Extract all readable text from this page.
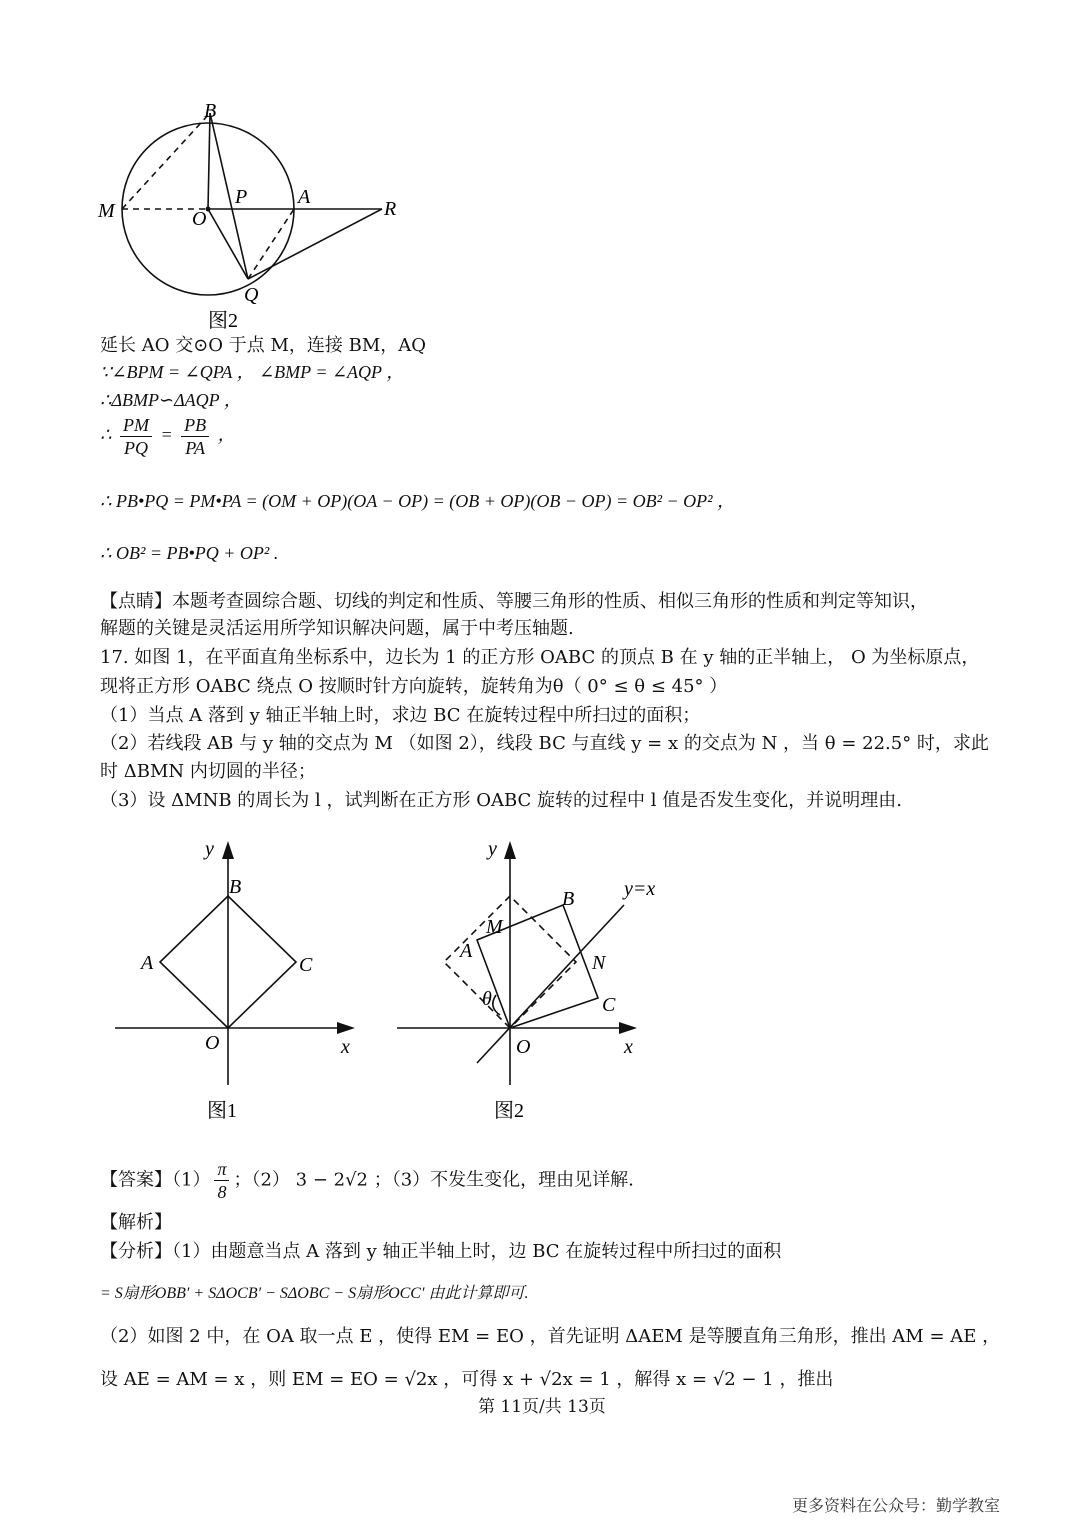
B
M	O
P	A
R
Q
图2
延长 AO 交⊙O 于点 M，连接 BM，AQ
∵∠BPM = ∠QPA ， ∠BMP = ∠AQP ，
∴ΔBMP∽ΔAQP ，
∴ $\frac{PM}{PQ} = \frac{PB}{PA}$ ，
∴ PB•PQ = PM•PA = (OM + OP)(OA − OP) = (OB + OP)(OB − OP) = OB² − OP² ，
∴ OB² = PB•PQ + OP² .
【点睛】本题考查圆综合题、切线的判定和性质、等腰三角形的性质、相似三角形的性质和判定等知识，
解题的关键是灵活运用所学知识解决问题，属于中考压轴题.
17. 如图 1，在平面直角坐标系中，边长为 1 的正方形 OABC 的顶点 B 在 y 轴的正半轴上， O 为坐标原点，
现将正方形 OABC 绕点 O 按顺时针方向旋转，旋转角为θ（ 0° ≤ θ ≤ 45° ）
（1）当点 A 落到 y 轴正半轴上时，求边 BC 在旋转过程中所扫过的面积；
（2）若线段 AB 与 y 轴的交点为 M （如图 2），线段 BC 与直线 y = x 的交点为 N ，当 θ = 22.5° 时，求此
时 ΔBMN 内切圆的半径；
（3）设 ΔMNB 的周长为 l ，试判断在正方形 OABC 旋转的过程中 l 值是否发生变化，并说明理由.
y
x
B
A	C
O
图1
y
x
B
M
A
N
C
O
θ
y=x
图2
【答案】$(1) \frac{\pi}{8}$ ；（2） 3 − 2√2 ；（3）不发生变化，理由见详解.
【解析】
【分析】（1）由题意当点 A 落到 y 轴正半轴上时，边 BC 在旋转过程中所扫过的面积
= S扇形OBB′ + SΔOCB′ − SΔOBC − S扇形OCC′ 由此计算即可.
（2）如图 2 中，在 OA 取一点 E ，使得 EM = EO ，首先证明 ΔAEM 是等腰直角三角形，推出 AM = AE ，
设 AE = AM = x ，则 EM = EO = √2x ，可得 x + √2x = 1 ，解得 x = √2 − 1 ，推出
第 11页/共 13页
更多资料在公众号：勤学教室
